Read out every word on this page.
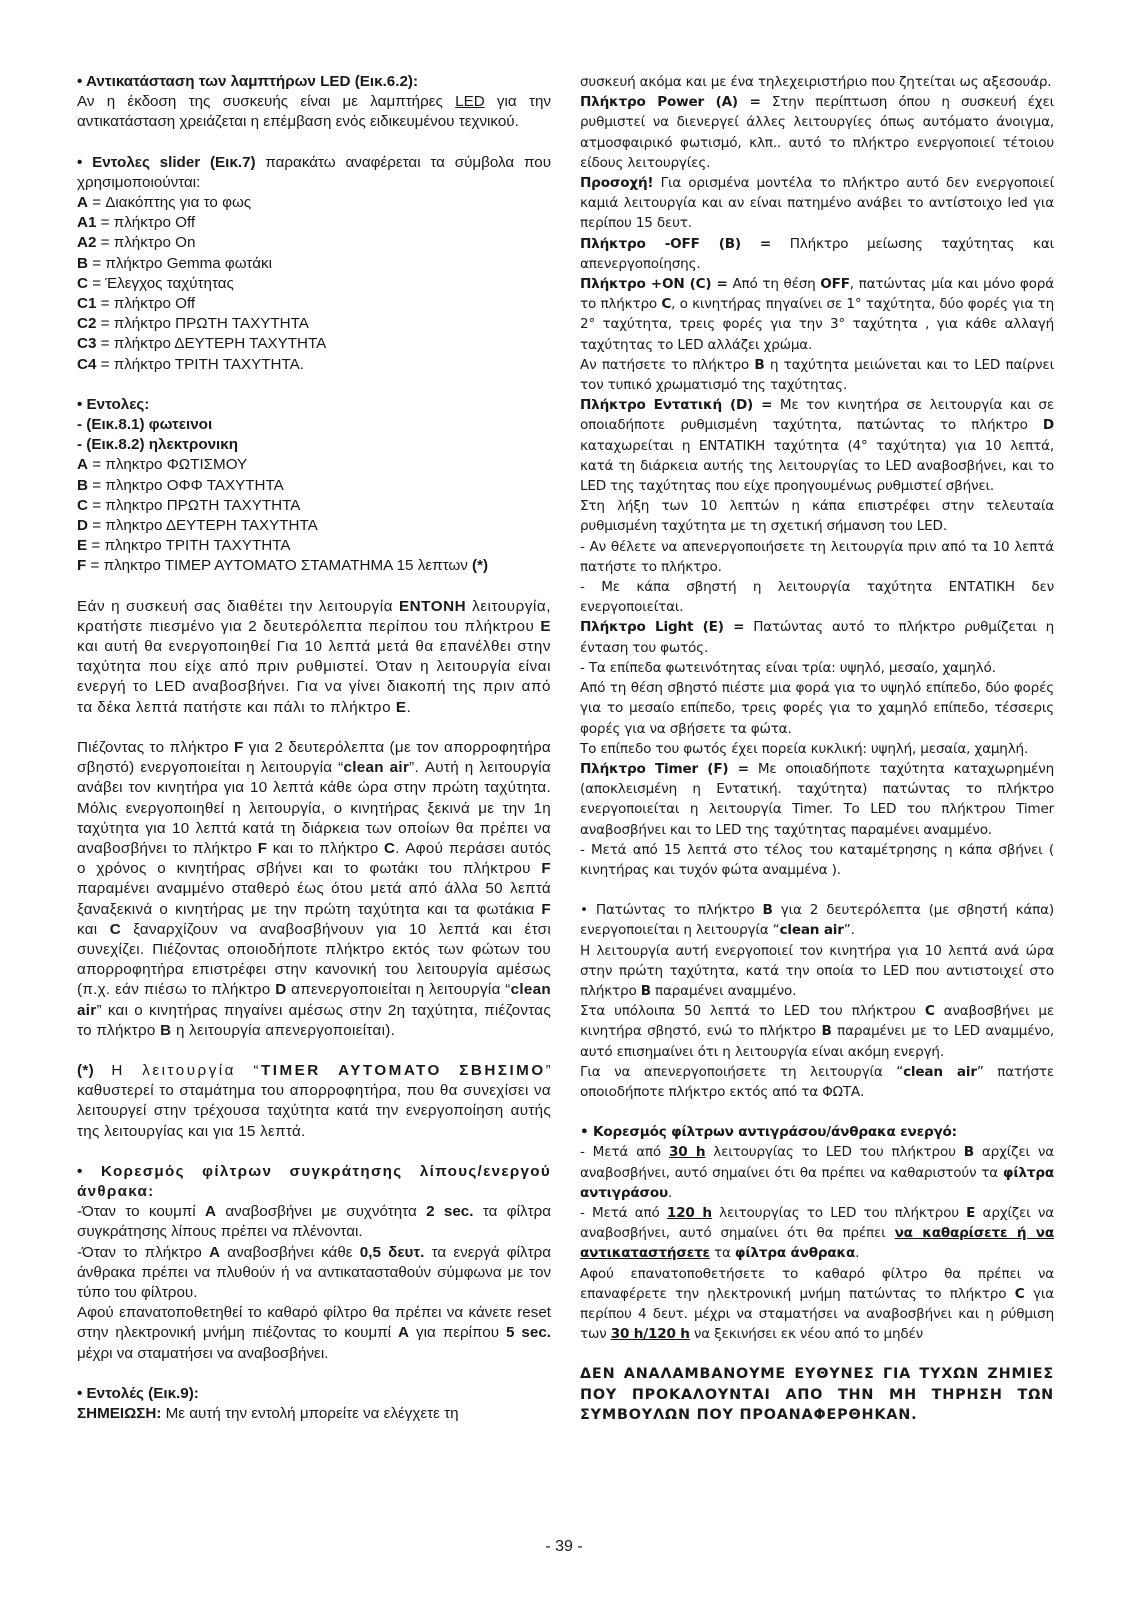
• Αντικατάσταση των λαμπτήρων LED (Εικ.6.2):
Αν η έκδοση της συσκευής είναι με λαμπτήρες LED για την αντικατάσταση χρειάζεται η επέμβαση ενός ειδικευμένου τεχνικού.

• Εντολες slider (Εικ.7) παρακάτω αναφέρεται τα σύμβολα που χρησιμοποιούνται:

A = Διακόπτης για το φως
A1 = πλήκτρο Off
A2 = πλήκτρο On
B = πλήκτρο Gemma φωτάκι
C = Έλεγχος ταχύτητας
C1 = πλήκτρο Off
C2 = πλήκτρο ΠΡΩΤΗ ΤΑΧΥΤΗΤΑ
C3 = πλήκτρο ΔΕΥΤΕΡΗ ΤΑΧΥΤΗΤΑ
C4 = πλήκτρο ΤΡΙΤΗ ΤΑΧΥΤΗΤΑ.
• Εντολες:
- (Εικ.8.1) φωτεινοι
- (Εικ.8.2) ηλεκτρονικη
A = πληκτρο ΦΩΤΙΣΜΟΥ
B = πληκτρο ΟΦΦ ΤΑΧΥΤΗΤΑ
C = πληκτρο ΠΡΩΤΗ ΤΑΧΥΤΗΤΑ
D = πληκτρο ΔΕΥΤΕΡΗ ΤΑΧΥΤΗΤΑ
E = πληκτρο ΤΡΙΤΗ ΤΑΧΥΤΗΤΑ
F = πληκτρο ΤΙΜΕΡ ΑΥΤΟΜΑΤΟ ΣΤΑΜΑΤΗΜΑ 15 λεπτων (*)

Εάν η συσκευή σας διαθέτει την λειτουργία ΕΝΤΟΝΗ λειτουργία, κρατήστε πιεσμένο για 2 δευτερόλεπτα περίπου του πλήκτρου E και αυτή θα ενεργοποιηθεί Για 10 λεπτά μετά θα επανέλθει στην ταχύτητα που είχε από πριν ρυθμιστεί. Όταν η λειτουργία είναι ενεργή το LED αναβοσβήνει. Για να γίνει διακοπή της πριν από τα δέκα λεπτά πατήστε και πάλι το πλήκτρο E.

Πιέζοντας το πλήκτρο F για 2 δευτερόλεπτα (με τον απορροφητήρα σβηστό) ενεργοποιείται η λειτουργία “clean air”. Αυτή η λειτουργία ανάβει τον κινητήρα για 10 λεπτά κάθε ώρα στην πρώτη ταχύτητα. Μόλις ενεργοποιηθεί η λειτουργία, ο κινητήρας ξεκινά με την 1η ταχύτητα για 10 λεπτά κατά τη διάρκεια των οποίων θα πρέπει να αναβοσβήνει το πλήκτρο F και το πλήκτρο C. Αφού περάσει αυτός ο χρόνος ο κινητήρας σβήνει και το φωτάκι του πλήκτρου F παραμένει αναμμένο σταθερό έως ότου μετά από άλλα 50 λεπτά ξαναξεκινά ο κινητήρας με την πρώτη ταχύτητα και τα φωτάκια F και C ξαναρχίζουν να αναβοσβήνουν για 10 λεπτά και έτσι συνεχίζει. Πιέζοντας οποιοδήποτε πλήκτρο εκτός των φώτων του απορροφητήρα επιστρέφει στην κανονική του λειτουργία αμέσως (π.χ. εάν πιέσω το πλήκτρο D απενεργοποιείται η λειτουργία “clean air” και ο κινητήρας πηγαίνει αμέσως στην 2η ταχύτητα, πιέζοντας το πλήκτρο B η λειτουργία απενεργοποιείται).

(*) Η λειτουργία “TIMER ΑΥΤΟΜΑΤΟ ΣΒΗΣΙΜΟ” καθυστερεί το σταμάτημα του απορροφητήρα, που θα συνεχίσει να λειτουργεί στην τρέχουσα ταχύτητα κατά την ενεργοποίηση αυτής της λειτουργίας και για 15 λεπτά.

• Κορεσμός φίλτρων συγκράτησης λίπους/ενεργού άνθρακα:

-Όταν το κουμπί A αναβοσβήνει με συχνότητα 2 sec. τα φίλτρα συγκράτησης λίπους πρέπει να πλένονται.

-Όταν το πλήκτρο A αναβοσβήνει κάθε 0,5 δευτ. τα ενεργά φίλτρα άνθρακα πρέπει να πλυθούν ή να αντικατασταθούν σύμφωνα με τον τύπο του φίλτρου.

Αφού επανατοποθετηθεί το καθαρό φίλτρο θα πρέπει να κάνετε reset στην ηλεκτρονική μνήμη πιέζοντας το κουμπί A για περίπου 5 sec. μέχρι να σταματήσει να αναβοσβήνει.

• Εντολές (Εικ.9):
ΣΗΜΕΙΩΣΗ: Με αυτή την εντολή μπορείτε να ελέγχετε τη

συσκευή ακόμα και με ένα τηλεχειριστήριο που ζητείται ως αξεσουάρ.

Πλήκτρο Power (A) = Στην περίπτωση όπου η συσκευή έχει ρυθμιστεί να διενεργεί άλλες λειτουργίες όπως αυτόματο άνοιγμα, ατμοσφαιρικό φωτισμό, κλπ.. αυτό το πλήκτρο ενεργοποιεί τέτοιου είδους λειτουργίες.

Προσοχή! Για ορισμένα μοντέλα το πλήκτρο αυτό δεν ενεργοποιεί καμιά λειτουργία και αν είναι πατημένο ανάβει το αντίστοιχο led για περίπου 15 δευτ.

Πλήκτρο -OFF (B) = Πλήκτρο μείωσης ταχύτητας και απενεργοποίησης.

Πλήκτρο +ON (C) = Από τη θέση OFF, πατώντας μία και μόνο φορά το πλήκτρο C, ο κινητήρας πηγαίνει σε 1° ταχύτητα, δύο φορές για τη 2° ταχύτητα, τρεις φορές για την 3° ταχύτητα , για κάθε αλλαγή ταχύτητας το LED αλλάζει χρώμα.

Αν πατήσετε το πλήκτρο B η ταχύτητα μειώνεται και το LED παίρνει τον τυπικό χρωματισμό της ταχύτητας.

Πλήκτρο Εντατική (D) = Με τον κινητήρα σε λειτουργία και σε οποιαδήποτε ρυθμισμένη ταχύτητα, πατώντας το πλήκτρο D καταχωρείται η ΕΝΤΑΤΙΚΗ ταχύτητα (4° ταχύτητα) για 10 λεπτά, κατά τη διάρκεια αυτής της λειτουργίας το LED αναβοσβήνει, και το LED της ταχύτητας που είχε προηγουμένως ρυθμιστεί σβήνει.

Στη λήξη των 10 λεπτών η κάπα επιστρέφει στην τελευταία ρυθμισμένη ταχύτητα με τη σχετική σήμανση του LED.

- Αν θέλετε να απενεργοποιήσετε τη λειτουργία πριν από τα 10 λεπτά πατήστε το πλήκτρο.

- Με κάπα σβηστή η λειτουργία ταχύτητα ΕΝΤΑΤΙΚΗ δεν ενεργοποιείται.

Πλήκτρο Light (E) = Πατώντας αυτό το πλήκτρο ρυθμίζεται η ένταση του φωτός.

- Τα επίπεδα φωτεινότητας είναι τρία: υψηλό, μεσαίο, χαμηλό.

Από τη θέση σβηστό πιέστε μια φορά για το υψηλό επίπεδο, δύο φορές για το μεσαίο επίπεδο, τρεις φορές για το χαμηλό επίπεδο, τέσσερις φορές για να σβήσετε τα φώτα.

Το επίπεδο του φωτός έχει πορεία κυκλική: υψηλή, μεσαία, χαμηλή.

Πλήκτρο Timer (F) = Με οποιαδήποτε ταχύτητα καταχωρημένη (αποκλεισμένη η Εντατική. ταχύτητα) πατώντας το πλήκτρο ενεργοποιείται η λειτουργία Timer. Το LED του πλήκτρου Timer αναβοσβήνει και το LED της ταχύτητας παραμένει αναμμένο.

- Μετά από 15 λεπτά στο τέλος του καταμέτρησης η κάπα σβήνει ( κινητήρας και τυχόν φώτα αναμμένα ).

• Πατώντας το πλήκτρο B για 2 δευτερόλεπτα (με σβηστή κάπα) ενεργοποιείται η λειτουργία “clean air”.

Η λειτουργία αυτή ενεργοποιεί τον κινητήρα για 10 λεπτά ανά ώρα στην πρώτη ταχύτητα, κατά την οποία το LED που αντιστοιχεί στο πλήκτρο B παραμένει αναμμένο.

Στα υπόλοιπα 50 λεπτά το LED του πλήκτρου C αναβοσβήνει με κινητήρα σβηστό, ενώ το πλήκτρο B παραμένει με το LED αναμμένο, αυτό επισημαίνει ότι η λειτουργία είναι ακόμη ενεργή.

Για να απενεργοποιήσετε τη λειτουργία “clean air” πατήστε οποιοδήποτε πλήκτρο εκτός από τα ΦΩΤΑ.

• Κορεσμός φίλτρων αντιγράσου/άνθρακα ενεργό:

- Μετά από 30 h λειτουργίας το LED του πλήκτρου B αρχίζει να αναβοσβήνει, αυτό σημαίνει ότι θα πρέπει να καθαριστούν τα φίλτρα αντιγράσου.

- Μετά από 120 h λειτουργίας το LED του πλήκτρου E αρχίζει να αναβοσβήνει, αυτό σημαίνει ότι θα πρέπει να καθαρίσετε ή να αντικαταστήσετε τα φίλτρα άνθρακα.

Αφού επανατοποθετήσετε το καθαρό φίλτρο θα πρέπει να επαναφέρετε την ηλεκτρονική μνήμη πατώντας το πλήκτρο C για περίπου 4 δευτ. μέχρι να σταματήσει να αναβοσβήνει και η ρύθμιση των 30 h/120 h να ξεκινήσει εκ νέου από το μηδέν

ΔΕΝ ΑΝΑΛΑΜΒΑΝΟΥΜΕ ΕΥΘΥΝΕΣ ΓΙΑ ΤΥΧΩΝ ΖΗΜΙΕΣ ΠΟΥ ΠΡΟΚΑΛΟΥΝΤΑΙ ΑΠΟ ΤΗΝ ΜΗ ΤΗΡΗΣΗ ΤΩΝ ΣΥΜΒΟΥΛΩΝ ΠΟΥ ΠΡΟΑΝΑΦΕΡΘΗΚΑΝ.

- 39 -
